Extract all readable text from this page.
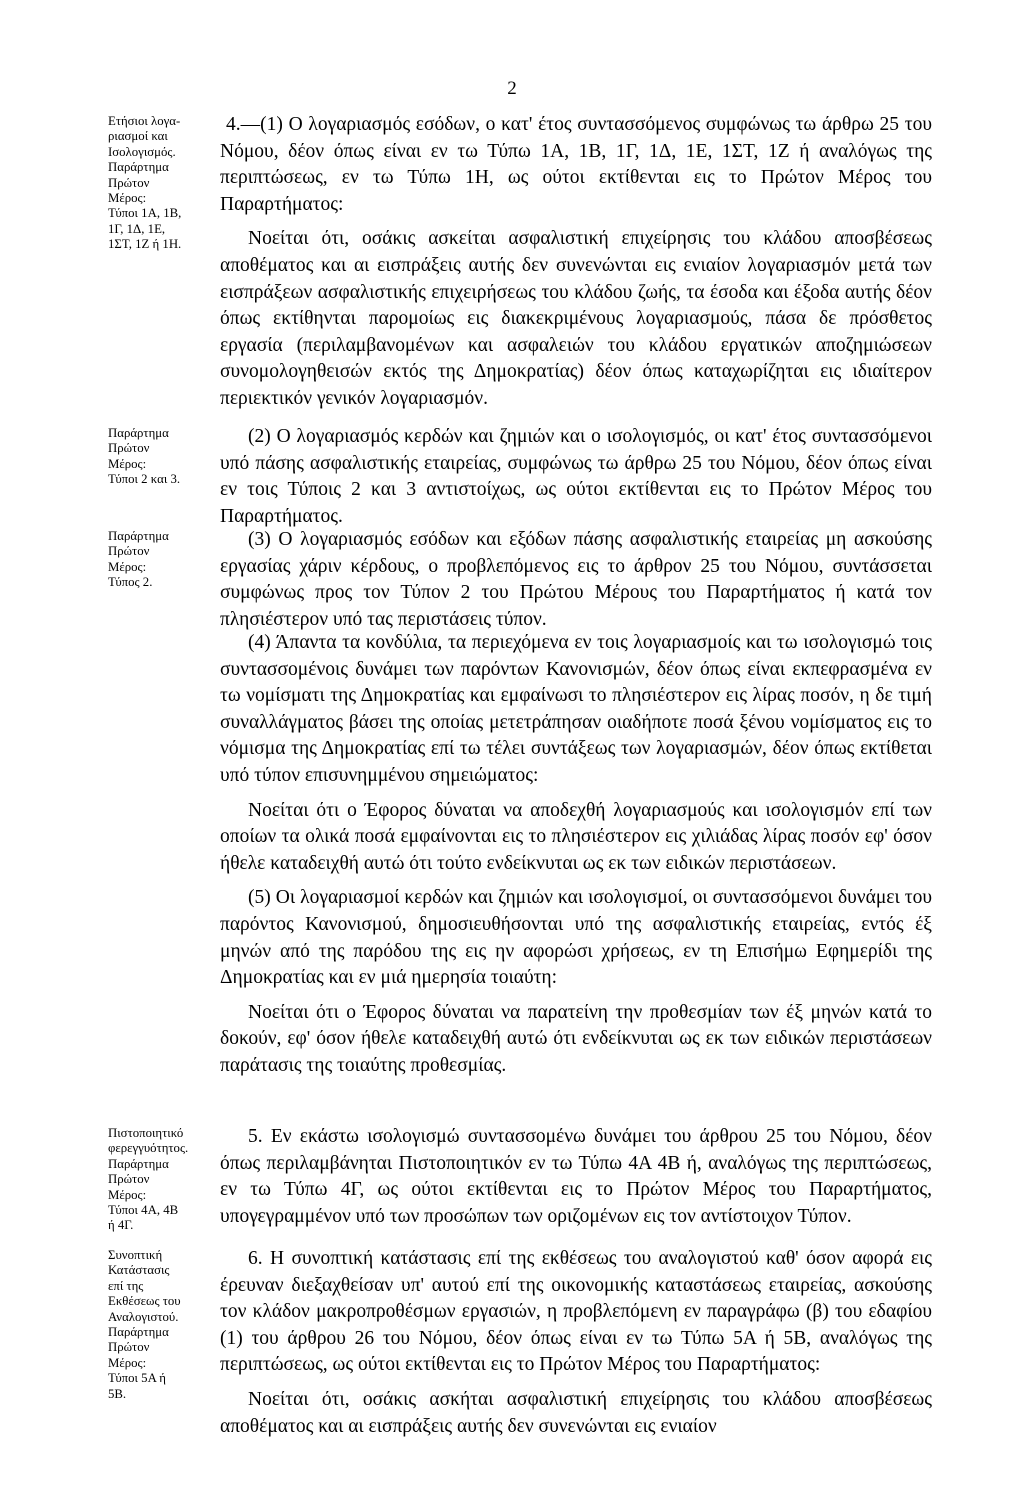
2
Ετήσιοι λογα-
ριασμοί και
Ισολογισμός.
Παράρτημα
Πρώτον
Μέρος:
Τύποι 1Α, 1Β,
1Γ, 1Δ, 1Ε,
1ΣΤ, 1Ζ ή 1Η.

4.—(1) Ο λογαριασμός εσόδων, ο κατ' έτος συντασσόμενος συμφώνως τω άρθρω 25 του Νόμου, δέον όπως είναι εν τω Τύπω 1Α, 1Β, 1Γ, 1Δ, 1Ε, 1ΣΤ, 1Ζ ή αναλόγως της περιπτώσεως, εν τω Τύπω 1Η, ως ούτοι εκτίθενται εις το Πρώτον Μέρος του Παραρτήματος:

Νοείται ότι, οσάκις ασκείται ασφαλιστική επιχείρησις του κλάδου αποσβέσεως αποθέματος και αι εισπράξεις αυτής δεν συνενώνται εις ενιαίον λογαριασμόν μετά των εισπράξεων ασφαλιστικής επιχειρήσεως του κλάδου ζωής, τα έσοδα και έξοδα αυτής δέον όπως εκτίθηνται παρομοίως εις διακεκριμένους λογαριασμούς, πάσα δε πρόσθετος εργασία (περιλαμβανομένων και ασφαλειών του κλάδου εργατικών αποζημιώσεων συνομολογηθεισών εκτός της Δημοκρατίας) δέον όπως καταχωρίζηται εις ιδιαίτερον περιεκτικόν γενικόν λογαριασμόν.

Παράρτημα
Πρώτον
Μέρος:
Τύποι 2 και 3.

(2) Ο λογαριασμός κερδών και ζημιών και ο ισολογισμός, οι κατ' έτος συντασσόμενοι υπό πάσης ασφαλιστικής εταιρείας, συμφώνως τω άρθρω 25 του Νόμου, δέον όπως είναι εν τοις Τύποις 2 και 3 αντιστοίχως, ως ούτοι εκτίθενται εις το Πρώτον Μέρος του Παραρτήματος.

Παράρτημα
Πρώτον
Μέρος:
Τύπος 2.

(3) Ο λογαριασμός εσόδων και εξόδων πάσης ασφαλιστικής εταιρείας μη ασκούσης εργασίας χάριν κέρδους, ο προβλεπόμενος εις το άρθρον 25 του Νόμου, συντάσσεται συμφώνως προς τον Τύπον 2 του Πρώτου Μέρους του Παραρτήματος ή κατά τον πλησιέστερον υπό τας περιστάσεις τύπον.

(4) Άπαντα τα κονδύλια, τα περιεχόμενα εν τοις λογαριασμοίς και τω ισολογισμώ τοις συντασσομένοις δυνάμει των παρόντων Κανονισμών, δέον όπως είναι εκπεφρασμένα εν τω νομίσματι της Δημοκρατίας και εμφαίνωσι το πλησιέστερον εις λίρας ποσόν, η δε τιμή συναλλάγματος βάσει της οποίας μετετράπησαν οιαδήποτε ποσά ξένου νομίσματος εις το νόμισμα της Δημοκρατίας επί τω τέλει συντάξεως των λογαριασμών, δέον όπως εκτίθεται υπό τύπον επισυνημμένου σημειώματος:

Νοείται ότι ο Έφορος δύναται να αποδεχθή λογαριασμούς και ισολογισμόν επί των οποίων τα ολικά ποσά εμφαίνονται εις το πλησιέστερον εις χιλιάδας λίρας ποσόν εφ' όσον ήθελε καταδειχθή αυτώ ότι τούτο ενδείκνυται ως εκ των ειδικών περιστάσεων.

(5) Οι λογαριασμοί κερδών και ζημιών και ισολογισμοί, οι συντασσόμενοι δυνάμει του παρόντος Κανονισμού, δημοσιευθήσονται υπό της ασφαλιστικής εταιρείας, εντός έξ μηνών από της παρόδου της εις ην αφορώσι χρήσεως, εν τη Επισήμω Εφημερίδι της Δημοκρατίας και εν μιά ημερησία τοιαύτη:

Νοείται ότι ο Έφορος δύναται να παρατείνη την προθεσμίαν των έξ μηνών κατά το δοκούν, εφ' όσον ήθελε καταδειχθή αυτώ ότι ενδείκνυται ως εκ των ειδικών περιστάσεων παράτασις της τοιαύτης προθεσμίας.

Πιστοποιητικό
φερεγγυότητος.
Παράρτημα
Πρώτον
Μέρος:
Τύποι 4Α, 4Β
ή 4Γ.

5. Εν εκάστω ισολογισμώ συντασσομένω δυνάμει του άρθρου 25 του Νόμου, δέον όπως περιλαμβάνηται Πιστοποιητικόν εν τω Τύπω 4Α 4Β ή, αναλόγως της περιπτώσεως, εν τω Τύπω 4Γ, ως ούτοι εκτίθενται εις το Πρώτον Μέρος του Παραρτήματος, υπογεγραμμένον υπό των προσώπων των οριζομένων εις τον αντίστοιχον Τύπον.

Συνοπτική
Κατάστασις
επί της
Εκθέσεως του
Αναλογιστού.
Παράρτημα
Πρώτον
Μέρος:
Τύποι 5Α ή
5Β.

6. Η συνοπτική κατάστασις επί της εκθέσεως του αναλογιστού καθ' όσον αφορά εις έρευναν διεξαχθείσαν υπ' αυτού επί της οικονομικής καταστάσεως εταιρείας, ασκούσης τον κλάδον μακροπροθέσμων εργασιών, η προβλεπόμενη εν παραγράφω (β) του εδαφίου (1) του άρθρου 26 του Νόμου, δέον όπως είναι εν τω Τύπω 5Α ή 5Β, αναλόγως της περιπτώσεως, ως ούτοι εκτίθενται εις το Πρώτον Μέρος του Παραρτήματος:

Νοείται ότι, οσάκις ασκήται ασφαλιστική επιχείρησις του κλάδου αποσβέσεως αποθέματος και αι εισπράξεις αυτής δεν συνενώνται εις ενιαίον
